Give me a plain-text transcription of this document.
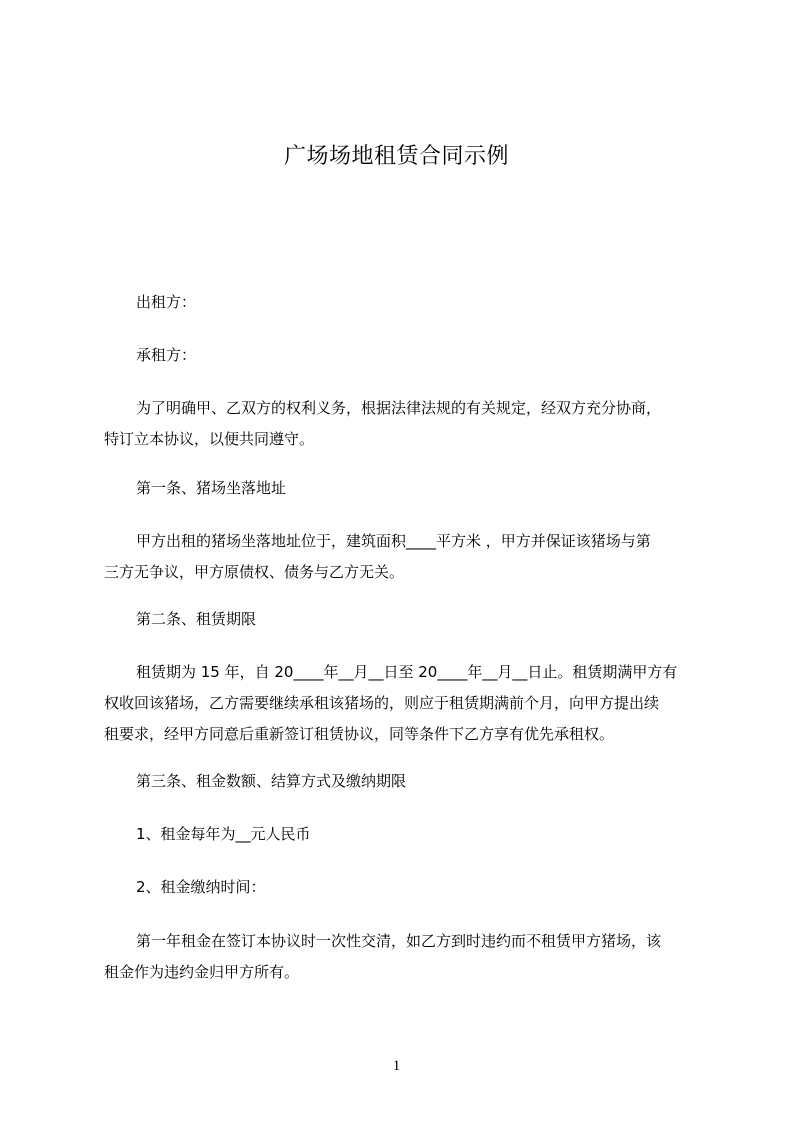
广场场地租赁合同示例
出租方：
承租方：
为了明确甲、乙双方的权利义务，根据法律法规的有关规定，经双方充分协商，
特订立本协议，以便共同遵守。
第一条、猪场坐落地址
甲方出租的猪场坐落地址位于，建筑面积____平方米 ，甲方并保证该猪场与第
三方无争议，甲方原债权、债务与乙方无关。
第二条、租赁期限
租赁期为 15 年，自 20____年__月__日至 20____年__月__日止。租赁期满甲方有
权收回该猪场，乙方需要继续承租该猪场的，则应于租赁期满前个月，向甲方提出续
租要求，经甲方同意后重新签订租赁协议，同等条件下乙方享有优先承租权。
第三条、租金数额、结算方式及缴纳期限
1、租金每年为__元人民币
2、租金缴纳时间：
第一年租金在签订本协议时一次性交清，如乙方到时违约而不租赁甲方猪场，该
租金作为违约金归甲方所有。
1
